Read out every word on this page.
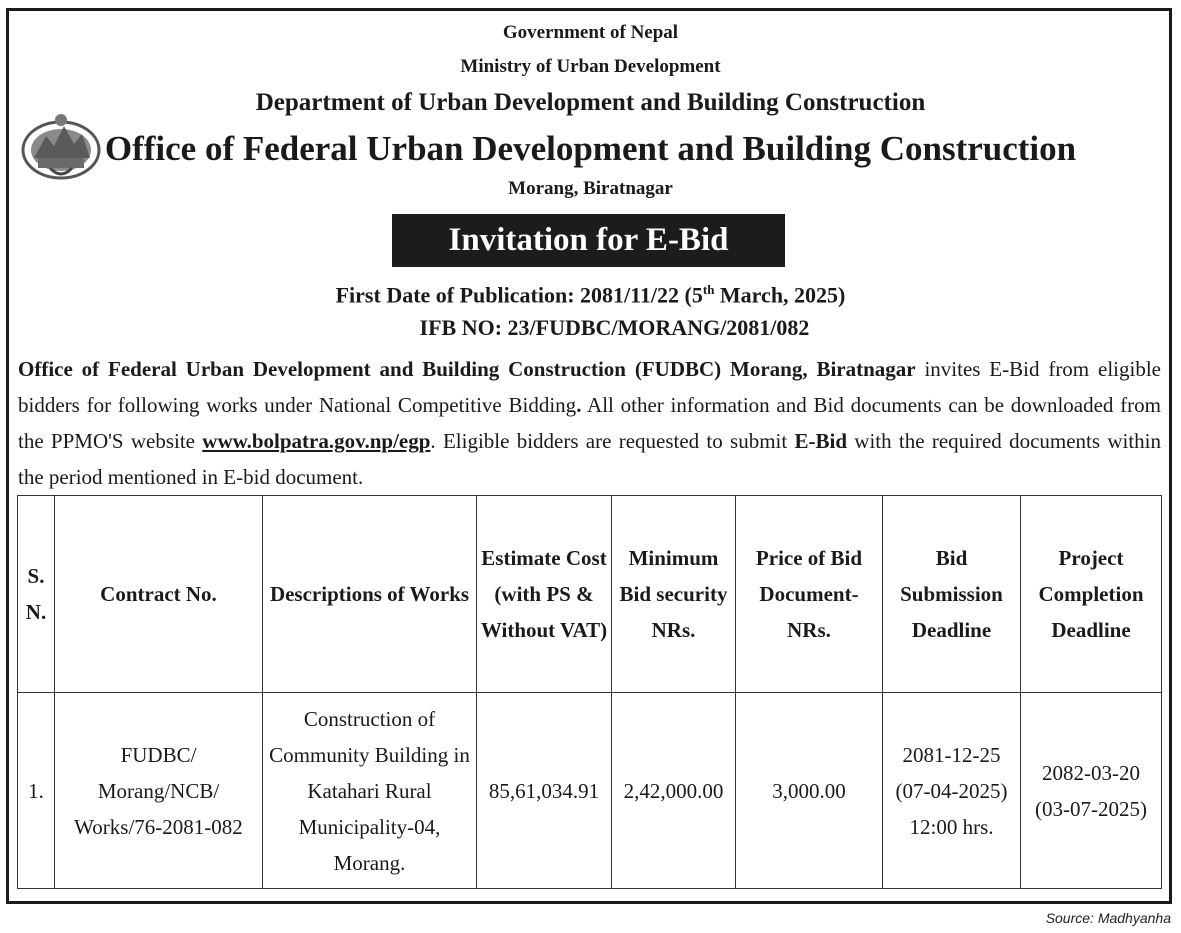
Government of Nepal
Ministry of Urban Development
Department of Urban Development and Building Construction
Office of Federal Urban Development and Building Construction
Morang, Biratnagar
Invitation for E-Bid
First Date of Publication: 2081/11/22 (5th March, 2025)
IFB NO: 23/FUDBC/MORANG/2081/082
Office of Federal Urban Development and Building Construction (FUDBC) Morang, Biratnagar invites E-Bid from eligible bidders for following works under National Competitive Bidding. All other information and Bid documents can be downloaded from the PPMO'S website www.bolpatra.gov.np/egp. Eligible bidders are requested to submit E-Bid with the required documents within the period mentioned in E-bid document.
S. N.	Contract No.	Descriptions of Works	Estimate Cost (with PS & Without VAT)	Minimum Bid security NRs.	Price of Bid Document-NRs.	Bid Submission Deadline	Project Completion Deadline
1.	FUDBC/ Morang/NCB/ Works/76-2081-082	Construction of Community Building in Katahari Rural Municipality-04, Morang.	85,61,034.91	2,42,000.00	3,000.00	2081-12-25 (07-04-2025) 12:00 hrs.	2082-03-20 (03-07-2025)
Source: Madhyanha
